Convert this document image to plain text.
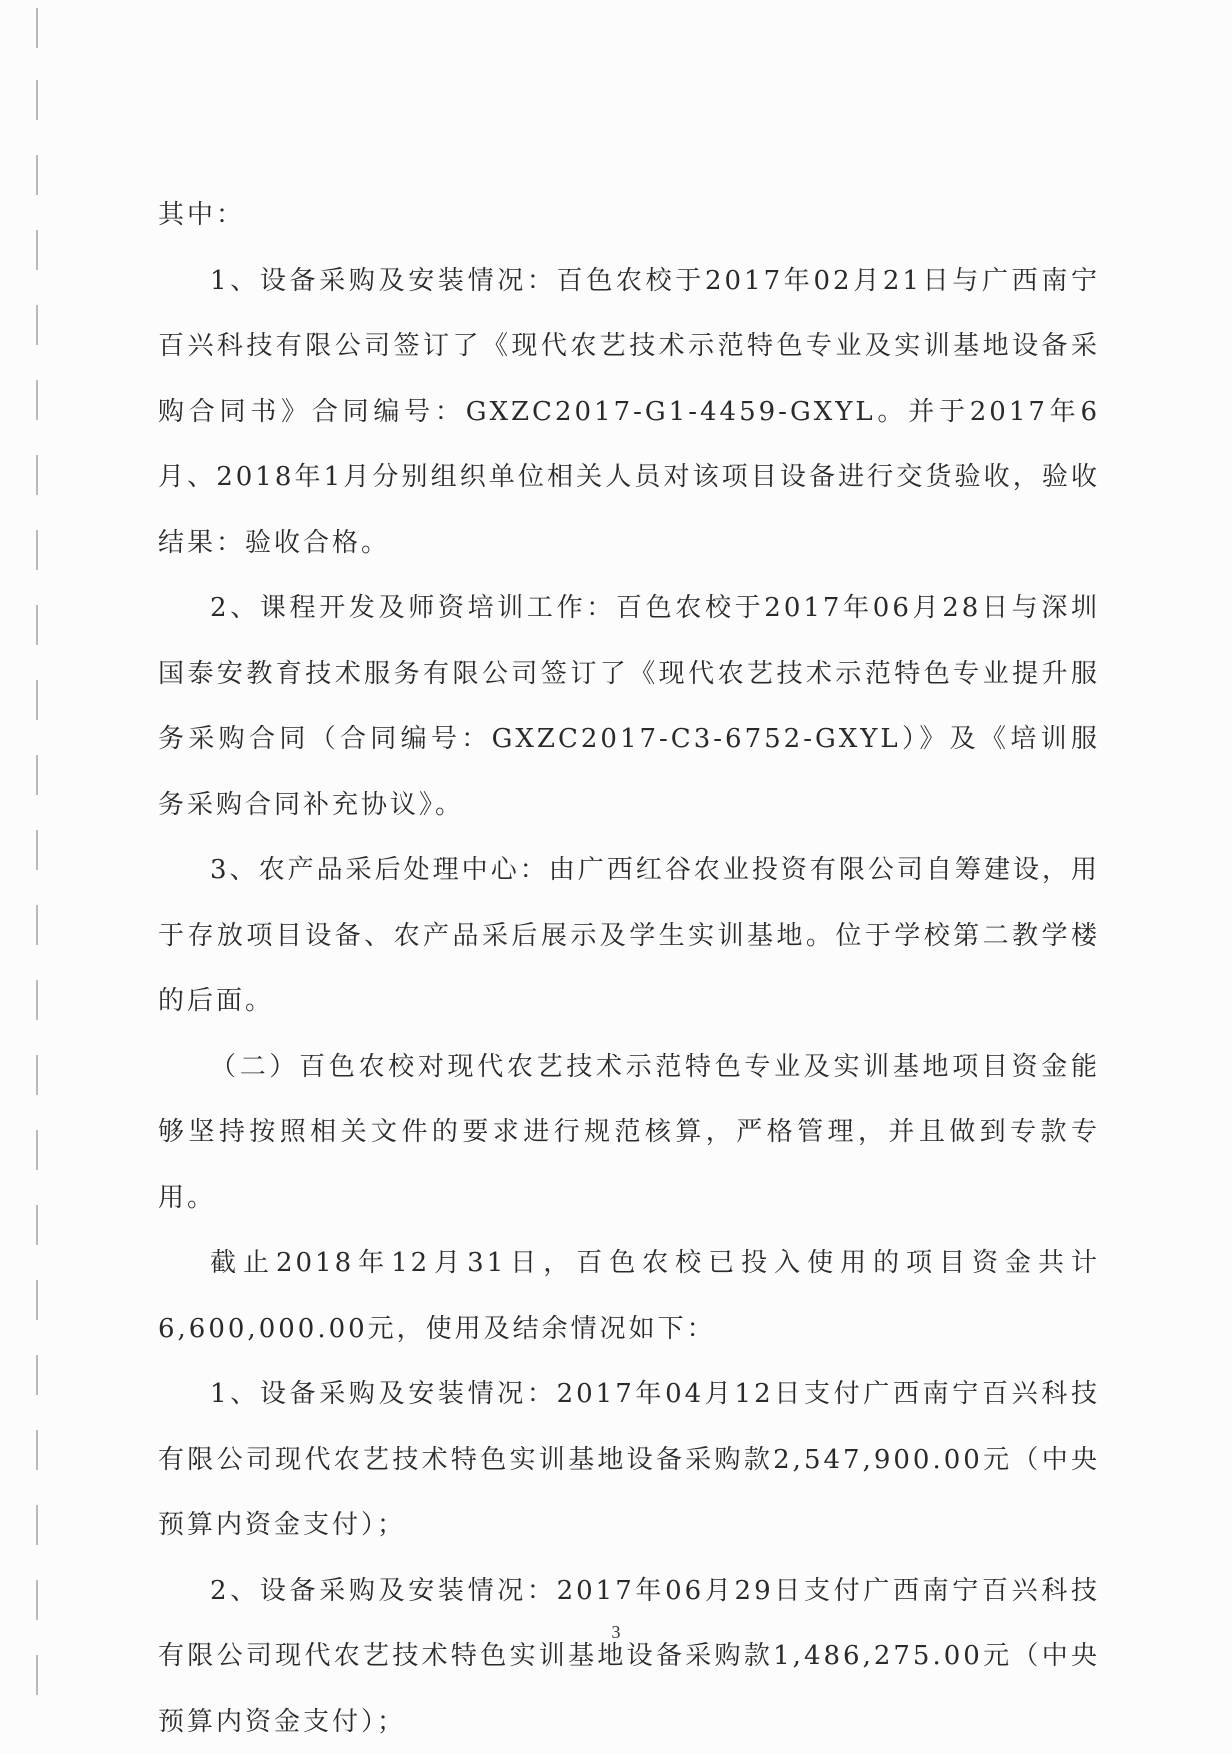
其中：

1、设备采购及安装情况：百色农校于2017年02月21日与广西南宁百兴科技有限公司签订了《现代农艺技术示范特色专业及实训基地设备采购合同书》合同编号：GXZC2017-G1-4459-GXYL。并于2017年6月、2018年1月分别组织单位相关人员对该项目设备进行交货验收，验收结果：验收合格。

2、课程开发及师资培训工作：百色农校于2017年06月28日与深圳国泰安教育技术服务有限公司签订了《现代农艺技术示范特色专业提升服务采购合同（合同编号：GXZC2017-C3-6752-GXYL）》及《培训服务采购合同补充协议》。

3、农产品采后处理中心：由广西红谷农业投资有限公司自筹建设，用于存放项目设备、农产品采后展示及学生实训基地。位于学校第二教学楼的后面。

（二）百色农校对现代农艺技术示范特色专业及实训基地项目资金能够坚持按照相关文件的要求进行规范核算，严格管理，并且做到专款专用。

截止2018年12月31日，百色农校已投入使用的项目资金共计6,600,000.00元，使用及结余情况如下：

1、设备采购及安装情况：2017年04月12日支付广西南宁百兴科技有限公司现代农艺技术特色实训基地设备采购款2,547,900.00元（中央预算内资金支付）；

2、设备采购及安装情况：2017年06月29日支付广西南宁百兴科技有限公司现代农艺技术特色实训基地设备采购款1,486,275.00元（中央预算内资金支付）；

3
